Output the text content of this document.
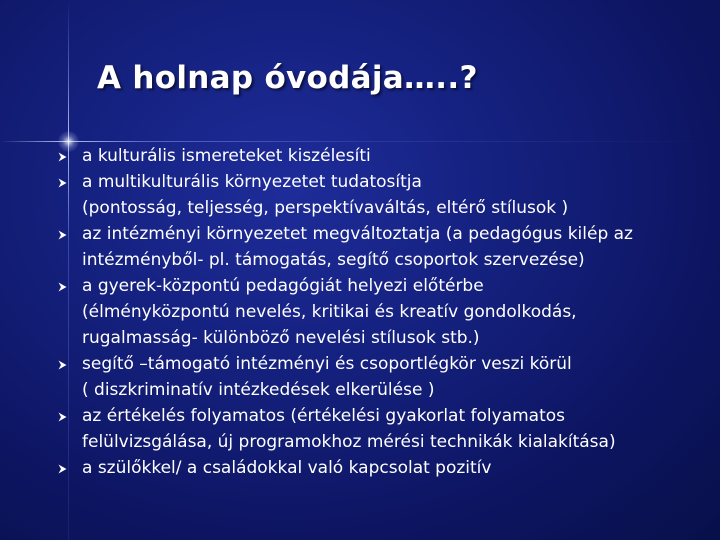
A holnap óvodája…..?
a kulturális ismereteket kiszélesíti
a multikulturális környezetet tudatosítja
(pontosság, teljesség, perspektívaváltás, eltérő stílusok )
az intézményi környezetet megváltoztatja (a pedagógus kilép az
intézményből- pl. támogatás, segítő csoportok szervezése)
a gyerek-központú pedagógiát helyezi előtérbe
(élményközpontú nevelés, kritikai és kreatív gondolkodás,
rugalmasság- különböző nevelési stílusok stb.)
segítő –támogató intézményi és csoportlégkör veszi körül
( diszkriminatív intézkedések elkerülése )
az értékelés folyamatos (értékelési gyakorlat folyamatos
felülvizsgálása, új programokhoz mérési technikák kialakítása)
a szülőkkel/ a családokkal való kapcsolat pozitív
